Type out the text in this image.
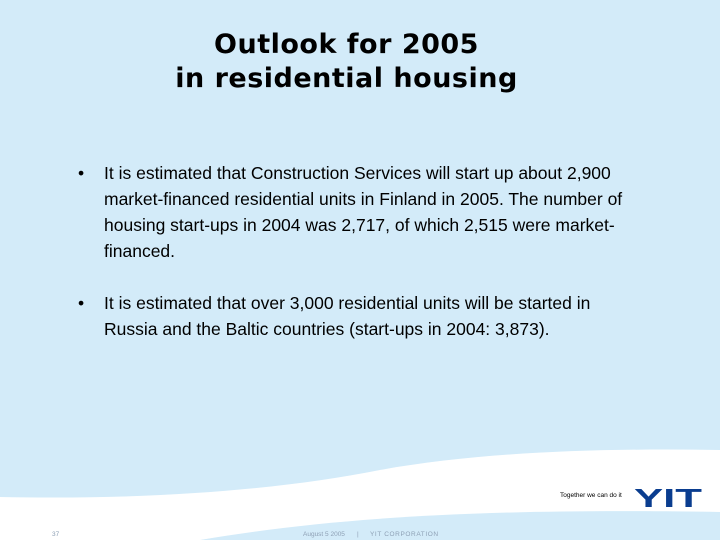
Outlook for 2005
in residential housing
• It is estimated that Construction Services will start up about 2,900 market-financed residential units in Finland in 2005. The number of housing start-ups in 2004 was 2,717, of which 2,515 were market-financed.
• It is estimated that over 3,000 residential units will be started in Russia and the Baltic countries (start-ups in 2004: 3,873).
Together we can do it YIT
37	August 5 2005 | YIT CORPORATION
